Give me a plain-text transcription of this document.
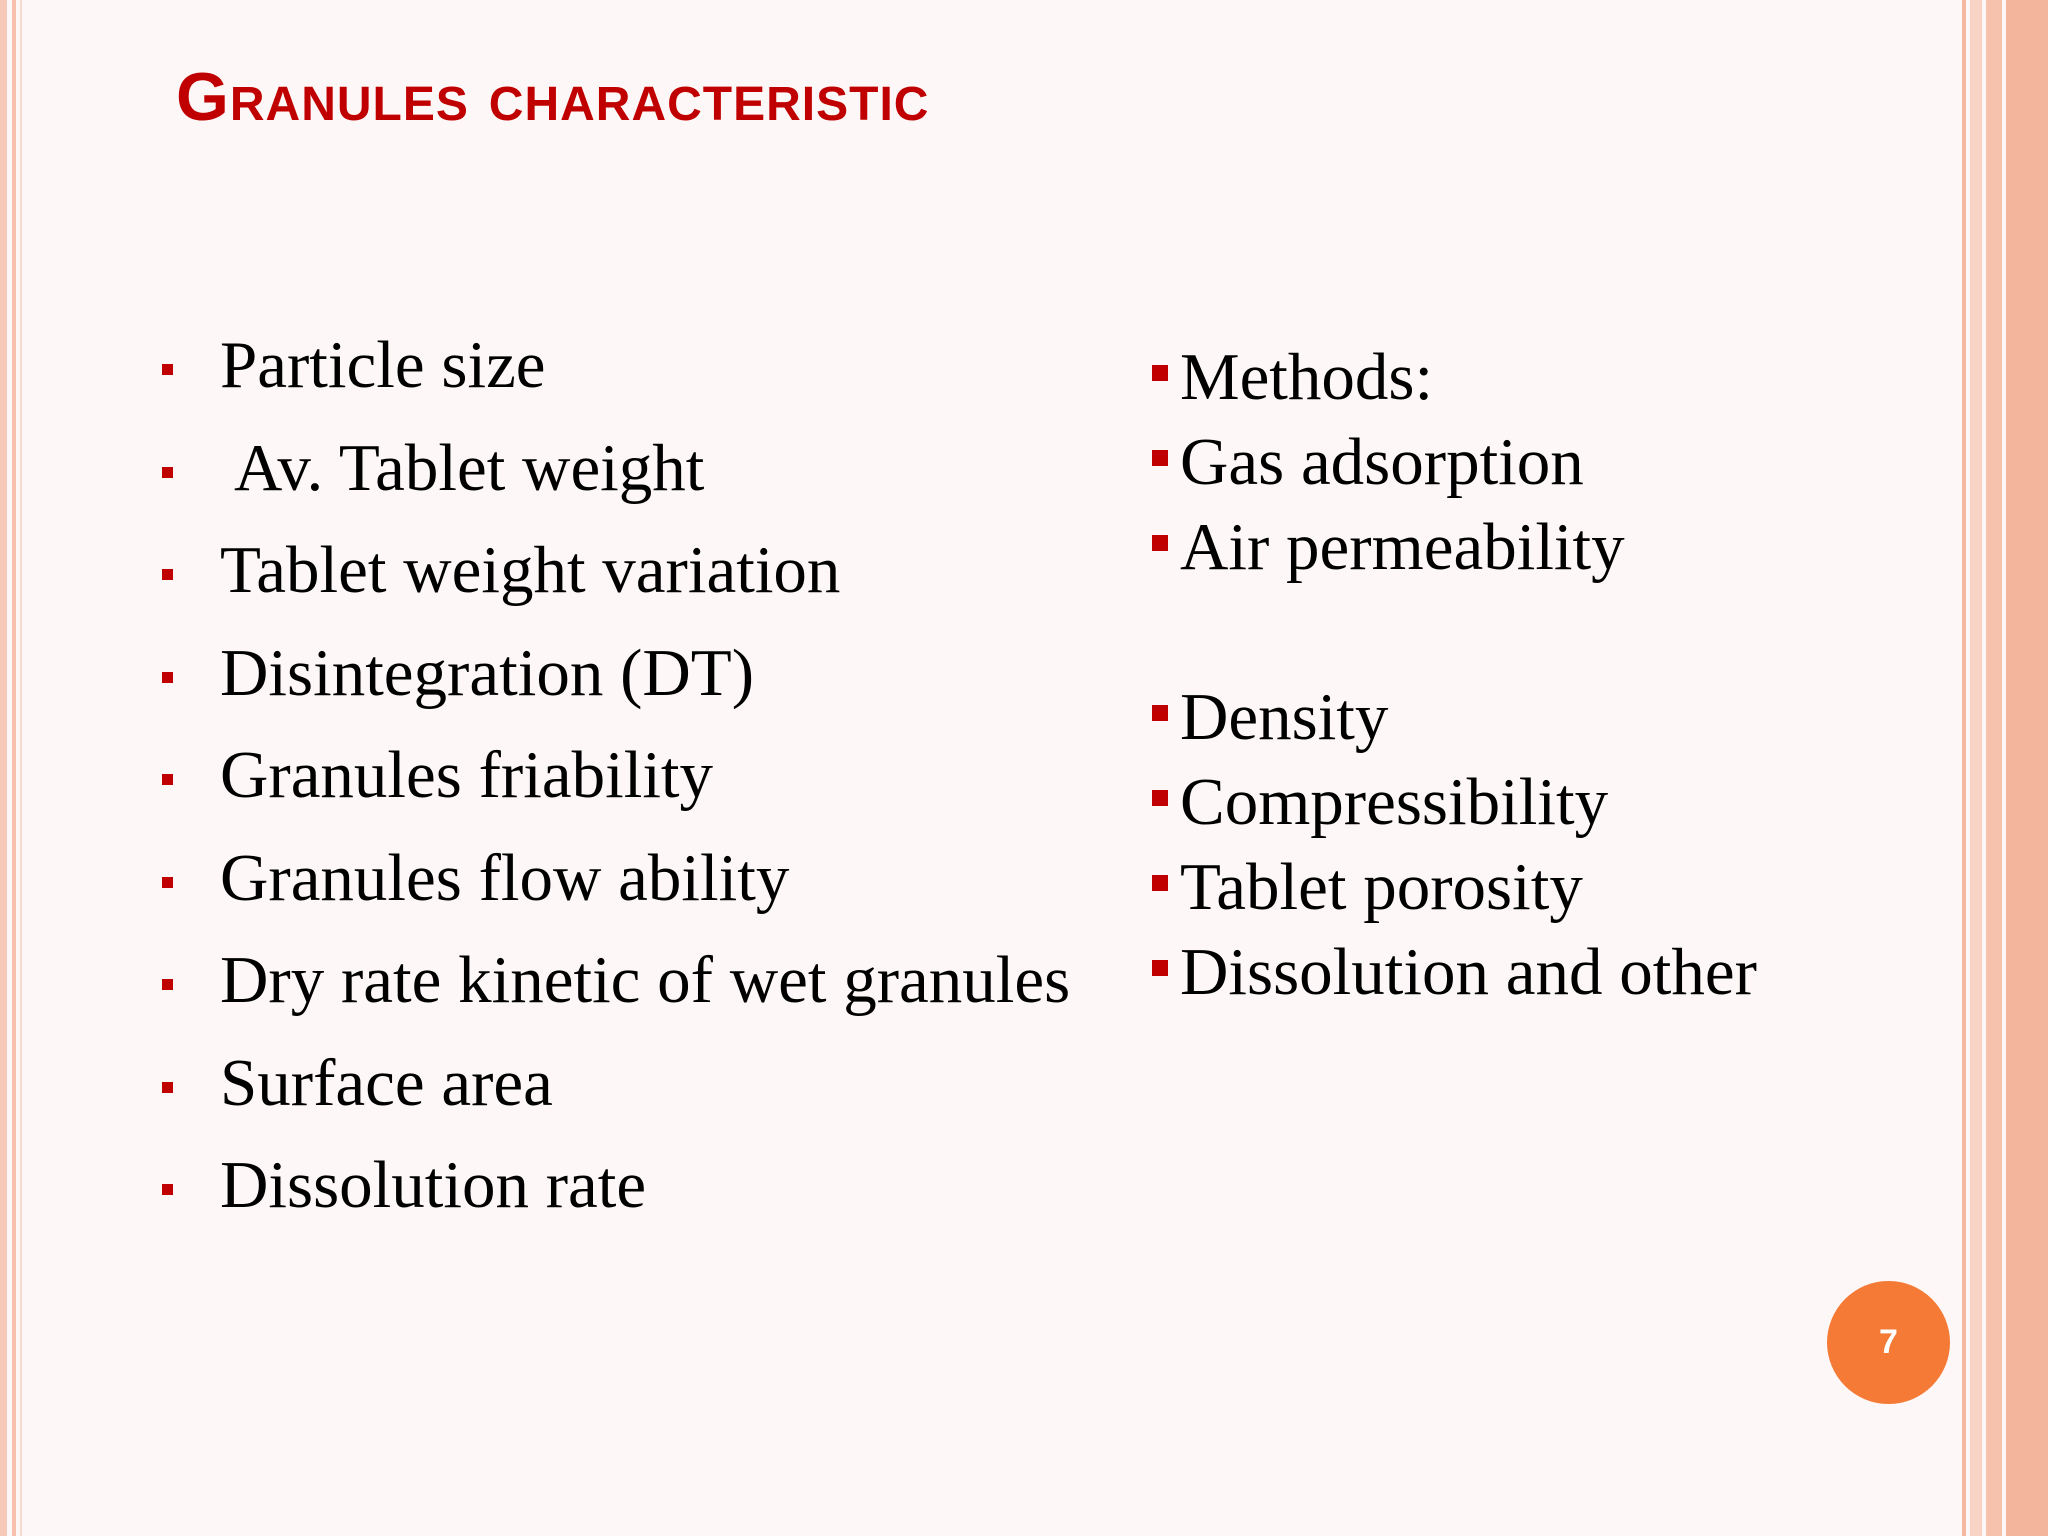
Granules characteristic
Particle size
Av. Tablet weight
Tablet weight variation
Disintegration (DT)
Granules friability
Granules flow ability
Dry rate kinetic of wet granules
Surface area
Dissolution rate
Methods:
Gas adsorption
Air permeability
Density
Compressibility
Tablet porosity
Dissolution and other
7
